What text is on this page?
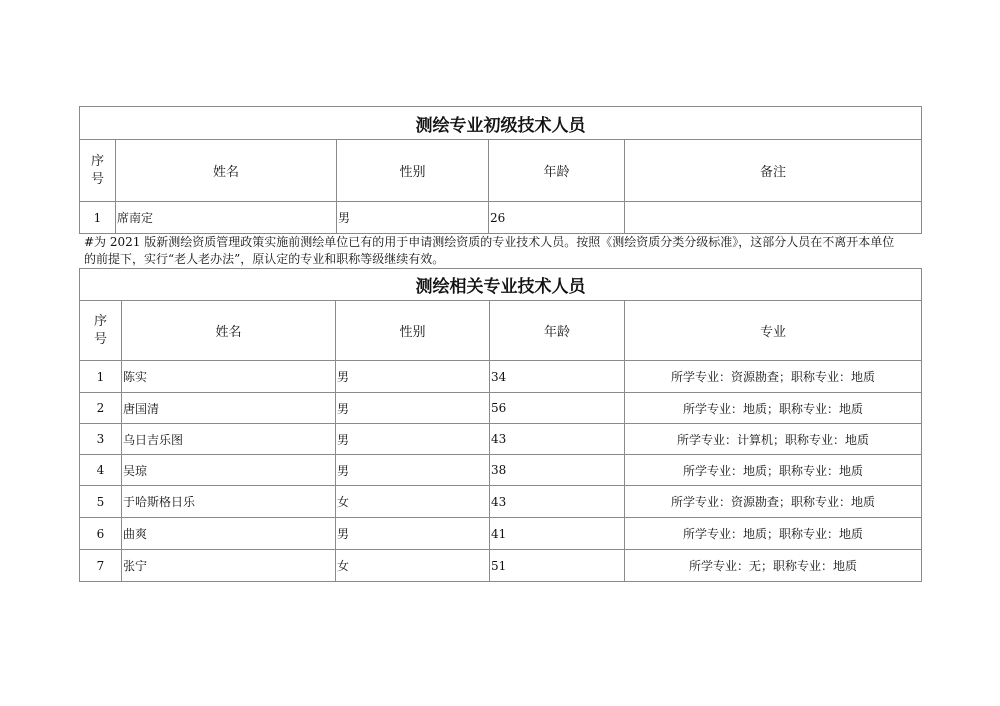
测绘专业初级技术人员				
序
号	姓名	性别	年龄	备注
1	席南定	男	26	
#为 2021 版新测绘资质管理政策实施前测绘单位已有的用于申请测绘资质的专业技术人员。按照《测绘资质分类分级标准》，这部分人员在不离开本单位
的前提下，实行“老人老办法”，原认定的专业和职称等级继续有效。
测绘相关专业技术人员				
序
号	姓名	性别	年龄	专业
1	陈实	男	34	所学专业：资源勘查；职称专业：地质
2	唐国清	男	56	所学专业：地质；职称专业：地质
3	乌日吉乐图	男	43	所学专业：计算机；职称专业：地质
4	吴琼	男	38	所学专业：地质；职称专业：地质
5	于哈斯格日乐	女	43	所学专业：资源勘查；职称专业：地质
6	曲爽	男	41	所学专业：地质；职称专业：地质
7	张宁	女	51	所学专业：无；职称专业：地质
